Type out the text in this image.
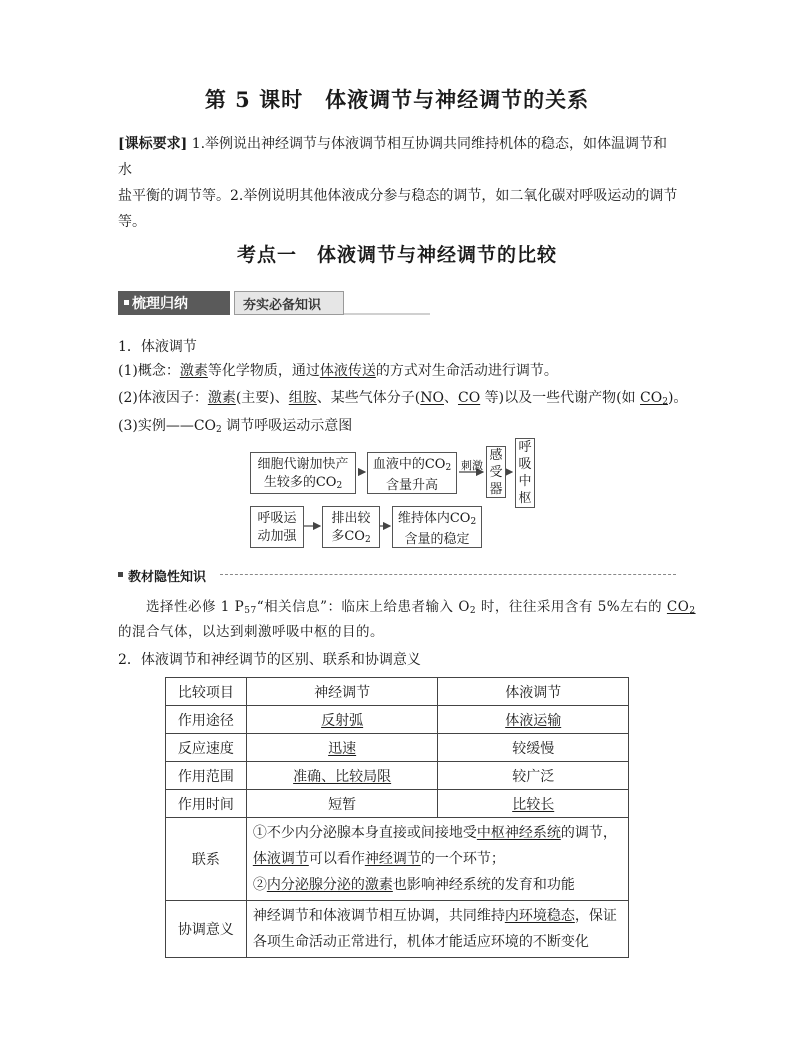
第 5 课时　体液调节与神经调节的关系
[课标要求] 1.举例说出神经调节与体液调节相互协调共同维持机体的稳态，如体温调节和水
盐平衡的调节等。2.举例说明其他体液成分参与稳态的调节，如二氧化碳对呼吸运动的调节
等。
考点一　体液调节与神经调节的比较
梳理归纳	夯实必备知识
1．体液调节
(1)概念：激素等化学物质，通过体液传送的方式对生命活动进行调节。
(2)体液因子：激素(主要)、组胺、某些气体分子(NO、CO 等)以及一些代谢产物(如 $CO_2$)。
(3)实例$——CO_2$ 调节呼吸运动示意图
细胞代谢加快产
生较多的$CO_2$
血液中的$CO_2$
含量升高
刺激
感
受
器
呼
吸
中
枢
呼吸运
动加强
排出较
多$CO_2$
维持体内$CO_2$
含量的稳定
教材隐性知识
选择性必修 1 $P_{57}“$相关信息”：临床上给患者输入 $O_2$ 时，往往采用含有 5%左右的 $CO_2$
的混合气体，以达到刺激呼吸中枢的目的。
2．体液调节和神经调节的区别、联系和协调意义
比较项目	神经调节	体液调节
作用途径	反射弧	体液运输
反应速度	迅速	较缓慢
作用范围	准确、比较局限	较广泛
作用时间	短暂	比较长
联系	①不少内分泌腺本身直接或间接地受中枢神经系统的调节，
体液调节可以看作神经调节的一个环节；
②内分泌腺分泌的激素也影响神经系统的发育和功能	

协调意义	神经调节和体液调节相互协调，共同维持内环境稳态，保证
各项生命活动正常进行，机体才能适应环境的不断变化	
